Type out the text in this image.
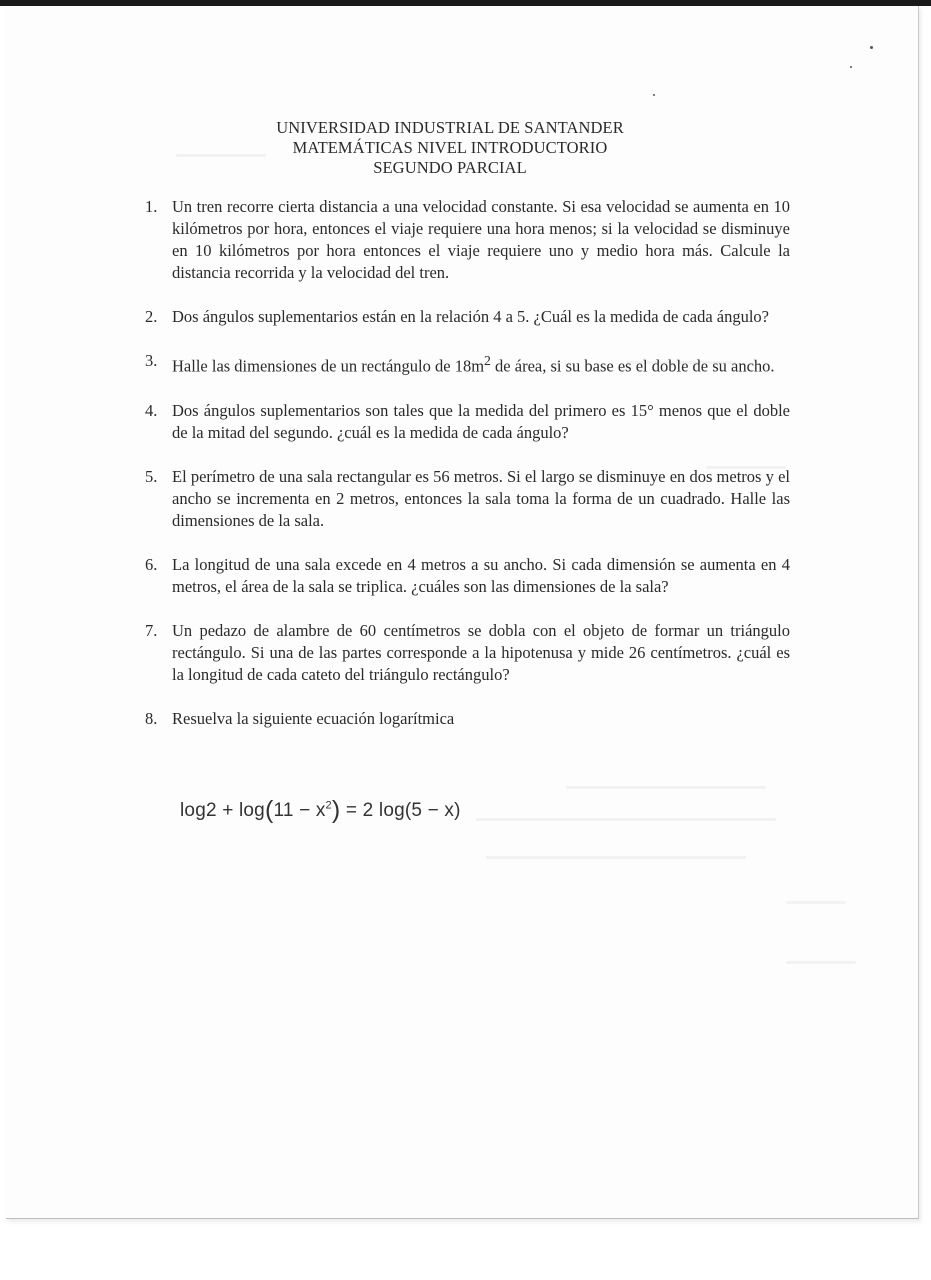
UNIVERSIDAD INDUSTRIAL DE SANTANDER
MATEMÁTICAS NIVEL INTRODUCTORIO
SEGUNDO PARCIAL
1. Un tren recorre cierta distancia a una velocidad constante. Si esa velocidad se aumenta en 10 kilómetros por hora, entonces el viaje requiere una hora menos; si la velocidad se disminuye en 10 kilómetros por hora entonces el viaje requiere uno y medio hora más. Calcule la distancia recorrida y la velocidad del tren.
2. Dos ángulos suplementarios están en la relación 4 a 5. ¿Cuál es la medida de cada ángulo?
3. Halle las dimensiones de un rectángulo de $18m^2$ de área, si su base es el doble de su ancho.
4. Dos ángulos suplementarios son tales que la medida del primero es 15° menos que el doble de la mitad del segundo. ¿cuál es la medida de cada ángulo?
5. El perímetro de una sala rectangular es 56 metros. Si el largo se disminuye en dos metros y el ancho se incrementa en 2 metros, entonces la sala toma la forma de un cuadrado. Halle las dimensiones de la sala.
6. La longitud de una sala excede en 4 metros a su ancho. Si cada dimensión se aumenta en 4 metros, el área de la sala se triplica. ¿cuáles son las dimensiones de la sala?
7. Un pedazo de alambre de 60 centímetros se dobla con el objeto de formar un triángulo rectángulo. Si una de las partes corresponde a la hipotenusa y mide 26 centímetros. ¿cuál es la longitud de cada cateto del triángulo rectángulo?
8. Resuelva la siguiente ecuación logarítmica
$\log 2 + \log(11 - x^2) = 2$ log(5 − x)
